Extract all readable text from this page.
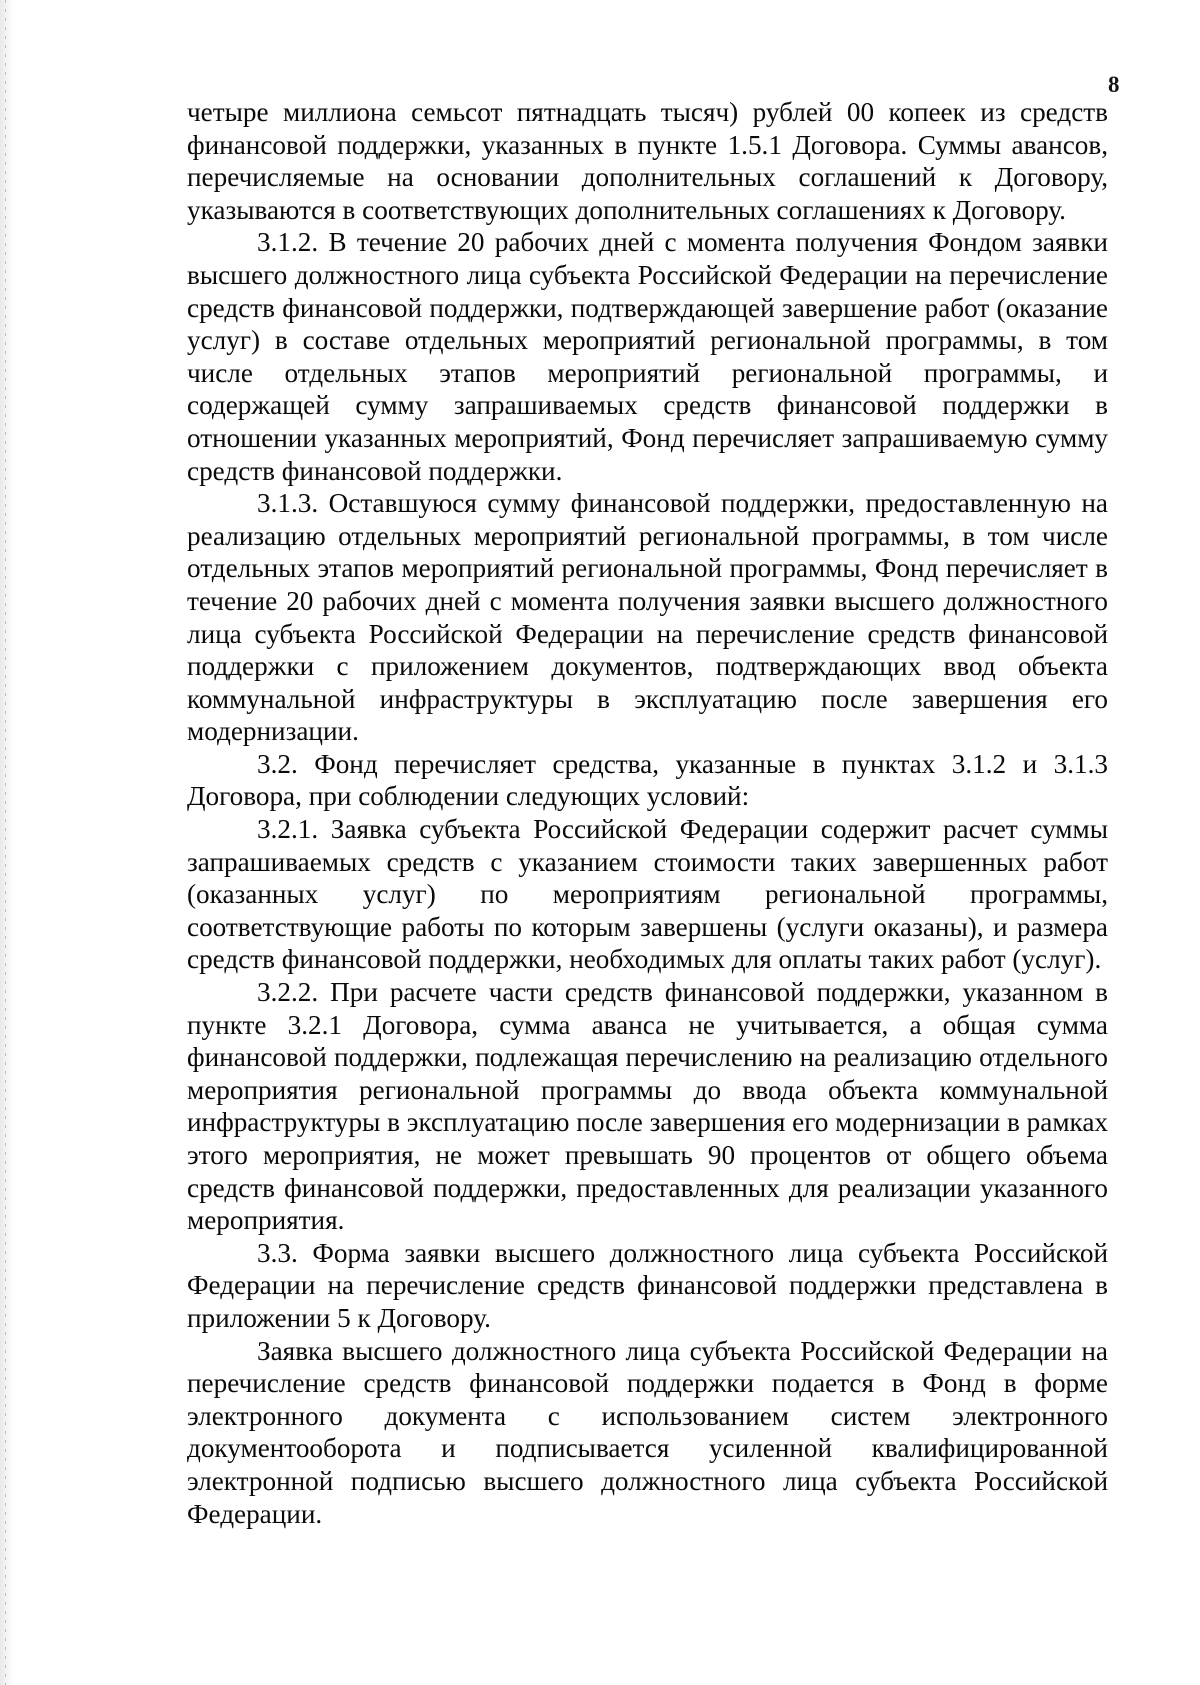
8

четыре миллиона семьсот пятнадцать тысяч) рублей 00 копеек из средств финансовой поддержки, указанных в пункте 1.5.1 Договора. Суммы авансов, перечисляемые на основании дополнительных соглашений к Договору, указываются в соответствующих дополнительных соглашениях к Договору.

3.1.2. В течение 20 рабочих дней с момента получения Фондом заявки высшего должностного лица субъекта Российской Федерации на перечисление средств финансовой поддержки, подтверждающей завершение работ (оказание услуг) в составе отдельных мероприятий региональной программы, в том числе отдельных этапов мероприятий региональной программы, и содержащей сумму запрашиваемых средств финансовой поддержки в отношении указанных мероприятий, Фонд перечисляет запрашиваемую сумму средств финансовой поддержки.

3.1.3. Оставшуюся сумму финансовой поддержки, предоставленную на реализацию отдельных мероприятий региональной программы, в том числе отдельных этапов мероприятий региональной программы, Фонд перечисляет в течение 20 рабочих дней с момента получения заявки высшего должностного лица субъекта Российской Федерации на перечисление средств финансовой поддержки с приложением документов, подтверждающих ввод объекта коммунальной инфраструктуры в эксплуатацию после завершения его модернизации.

3.2. Фонд перечисляет средства, указанные в пунктах 3.1.2 и 3.1.3 Договора, при соблюдении следующих условий:

3.2.1. Заявка субъекта Российской Федерации содержит расчет суммы запрашиваемых средств с указанием стоимости таких завершенных работ (оказанных услуг) по мероприятиям региональной программы, соответствующие работы по которым завершены (услуги оказаны), и размера средств финансовой поддержки, необходимых для оплаты таких работ (услуг).

3.2.2. При расчете части средств финансовой поддержки, указанном в пункте 3.2.1 Договора, сумма аванса не учитывается, а общая сумма финансовой поддержки, подлежащая перечислению на реализацию отдельного мероприятия региональной программы до ввода объекта коммунальной инфраструктуры в эксплуатацию после завершения его модернизации в рамках этого мероприятия, не может превышать 90 процентов от общего объема средств финансовой поддержки, предоставленных для реализации указанного мероприятия.

3.3. Форма заявки высшего должностного лица субъекта Российской Федерации на перечисление средств финансовой поддержки представлена в приложении 5 к Договору.

Заявка высшего должностного лица субъекта Российской Федерации на перечисление средств финансовой поддержки подается в Фонд в форме электронного документа с использованием систем электронного документооборота и подписывается усиленной квалифицированной электронной подписью высшего должностного лица субъекта Российской Федерации.
